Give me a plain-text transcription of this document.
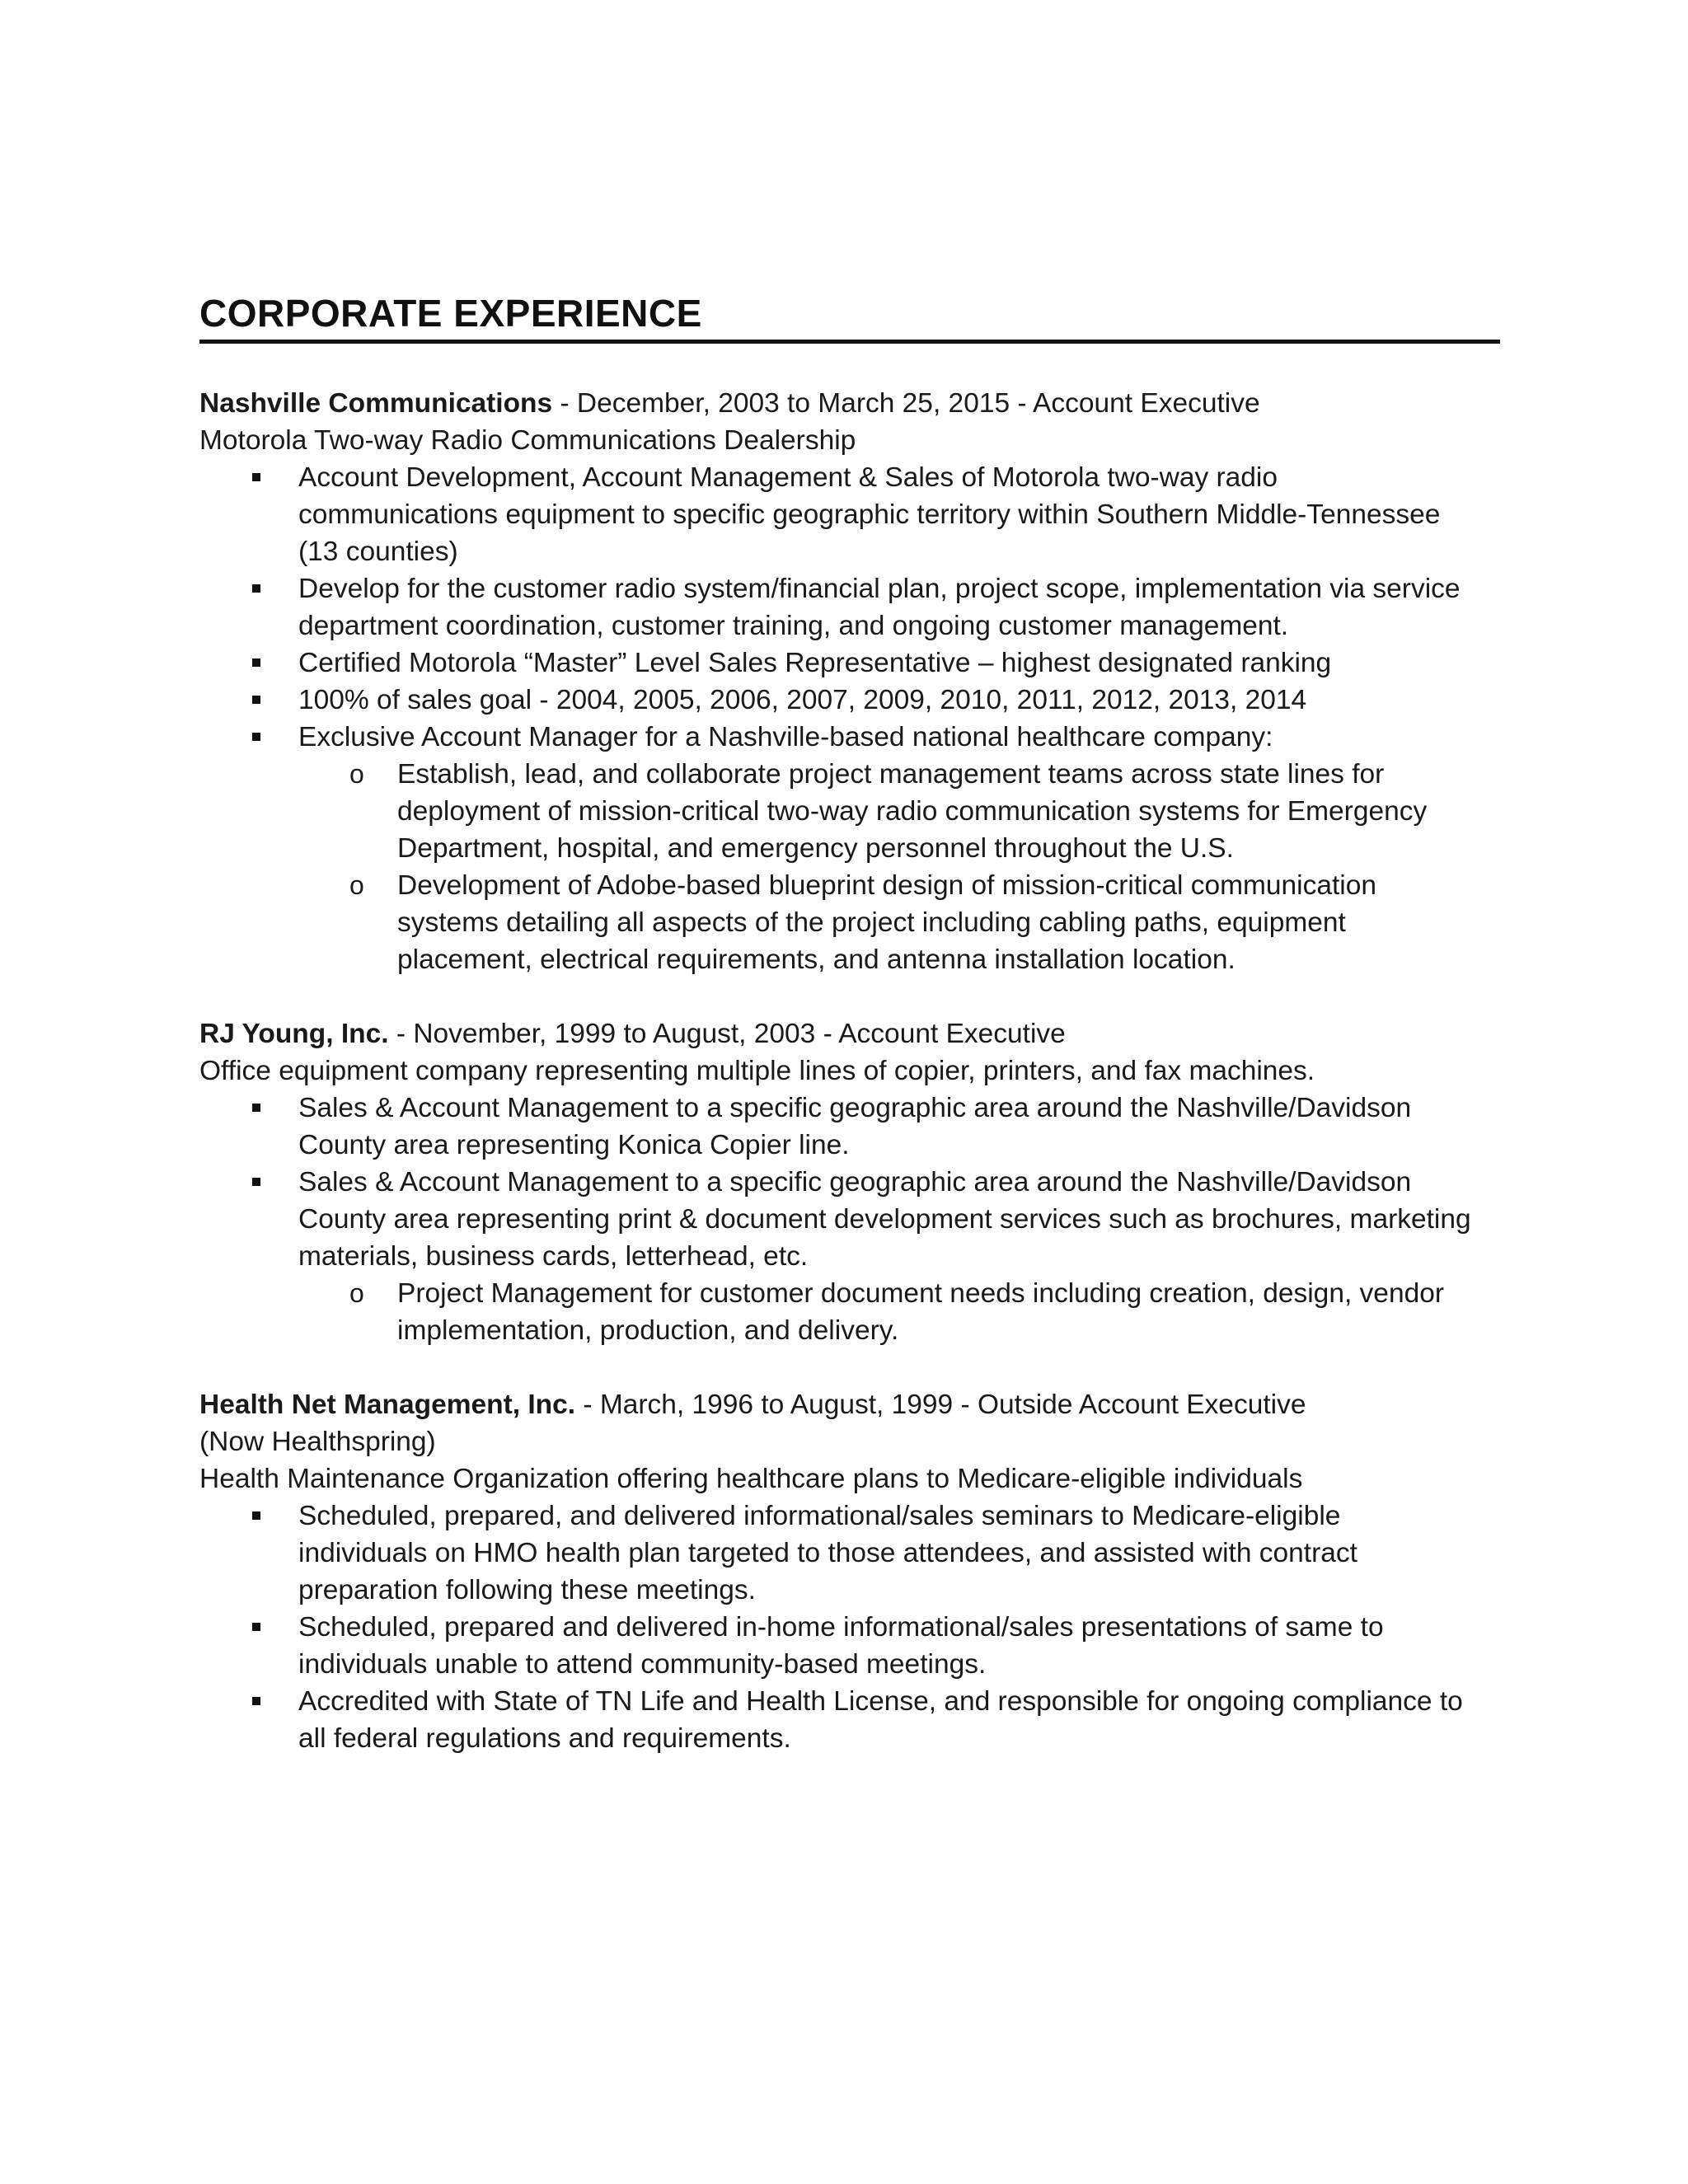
CORPORATE EXPERIENCE
Nashville Communications - December, 2003 to March 25, 2015 - Account Executive
Motorola Two-way Radio Communications Dealership
Account Development, Account Management & Sales of Motorola two-way radio
communications equipment to specific geographic territory within Southern Middle-Tennessee
(13 counties)
Develop for the customer radio system/financial plan, project scope, implementation via service
department coordination, customer training, and ongoing customer management.
Certified Motorola “Master” Level Sales Representative – highest designated ranking
100% of sales goal - 2004, 2005, 2006, 2007, 2009, 2010, 2011, 2012, 2013, 2014
Exclusive Account Manager for a Nashville-based national healthcare company:
o Establish, lead, and collaborate project management teams across state lines for
deployment of mission-critical two-way radio communication systems for Emergency
Department, hospital, and emergency personnel throughout the U.S.
o Development of Adobe-based blueprint design of mission-critical communication
systems detailing all aspects of the project including cabling paths, equipment
placement, electrical requirements, and antenna installation location.
RJ Young, Inc. - November, 1999 to August, 2003 - Account Executive
Office equipment company representing multiple lines of copier, printers, and fax machines.
Sales & Account Management to a specific geographic area around the Nashville/Davidson
County area representing Konica Copier line.
Sales & Account Management to a specific geographic area around the Nashville/Davidson
County area representing print & document development services such as brochures, marketing
materials, business cards, letterhead, etc.
o Project Management for customer document needs including creation, design, vendor
implementation, production, and delivery.
Health Net Management, Inc. - March, 1996 to August, 1999 - Outside Account Executive
(Now Healthspring)
Health Maintenance Organization offering healthcare plans to Medicare-eligible individuals
Scheduled, prepared, and delivered informational/sales seminars to Medicare-eligible
individuals on HMO health plan targeted to those attendees, and assisted with contract
preparation following these meetings.
Scheduled, prepared and delivered in-home informational/sales presentations of same to
individuals unable to attend community-based meetings.
Accredited with State of TN Life and Health License, and responsible for ongoing compliance to
all federal regulations and requirements.
